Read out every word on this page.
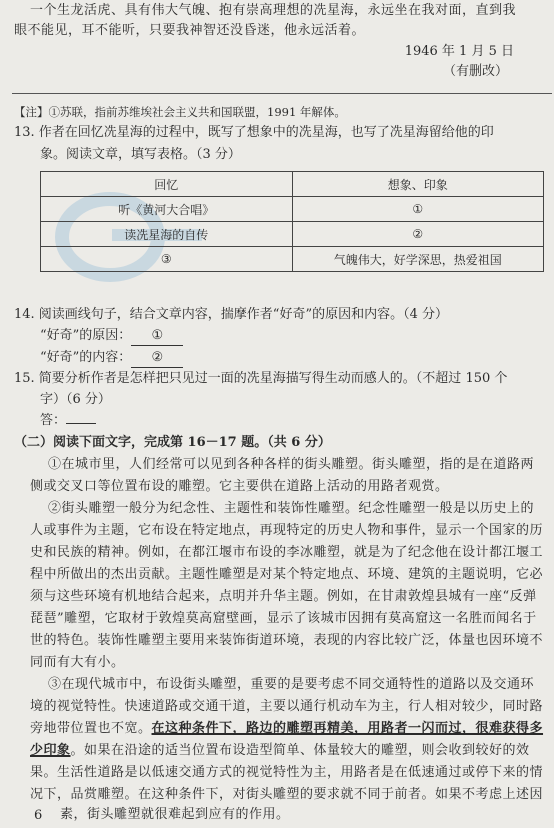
一个生龙活虎、具有伟大气魄、抱有崇高理想的冼星海，永远坐在我对面，直到我
眼不能见，耳不能听，只要我神智还没昏迷，他永远活着。
1946 年 1 月 5 日
（有删改）
【注】①苏联，指前苏维埃社会主义共和国联盟，1991 年解体。
13. 作者在回忆冼星海的过程中，既写了想象中的冼星海，也写了冼星海留给他的印
象。阅读文章，填写表格。（3 分）
回忆	想象、印象
听《黄河大合唱》	①
读冼星海的自传	②
③	气魄伟大，好学深思，热爱祖国
14. 阅读画线句子，结合文章内容，揣摩作者“好奇”的原因和内容。（4 分）
“好奇”的原因： ①
“好奇”的内容： ②
15. 简要分析作者是怎样把只见过一面的冼星海描写得生动而感人的。（不超过 150 个
字）（6 分）
答：
（二）阅读下面文字，完成第 16－17 题。（共 6 分）
①在城市里，人们经常可以见到各种各样的街头雕塑。街头雕塑，指的是在道路两
侧或交叉口等位置布设的雕塑。它主要供在道路上活动的用路者观赏。
②街头雕塑一般分为纪念性、主题性和装饰性雕塑。纪念性雕塑一般是以历史上的
人或事件为主题，它布设在特定地点，再现特定的历史人物和事件，显示一个国家的历
史和民族的精神。例如，在都江堰市布设的李冰雕塑，就是为了纪念他在设计都江堰工
程中所做出的杰出贡献。主题性雕塑是对某个特定地点、环境、建筑的主题说明，它必
须与这些环境有机地结合起来，点明并升华主题。例如，在甘肃敦煌县城有一座“反弹
琵琶”雕塑，它取材于敦煌莫高窟壁画，显示了该城市因拥有莫高窟这一名胜而闻名于
世的特色。装饰性雕塑主要用来装饰街道环境，表现的内容比较广泛，体量也因环境不
同而有大有小。
③在现代城市中，布设街头雕塑，重要的是要考虑不同交通特性的道路以及交通环
境的视觉特性。快速道路或交通干道，主要以通行机动车为主，行人相对较少，同时路
旁地带位置也不宽。在这种条件下，路边的雕塑再精美，用路者一闪而过，很难获得多
少印象。如果在沿途的适当位置布设造型简单、体量较大的雕塑，则会收到较好的效
果。生活性道路是以低速交通方式的视觉特性为主，用路者是在低速通过或停下来的情
况下，品赏雕塑。在这种条件下，对街头雕塑的要求就不同于前者。如果不考虑上述因
6 素，街头雕塑就很难起到应有的作用。
